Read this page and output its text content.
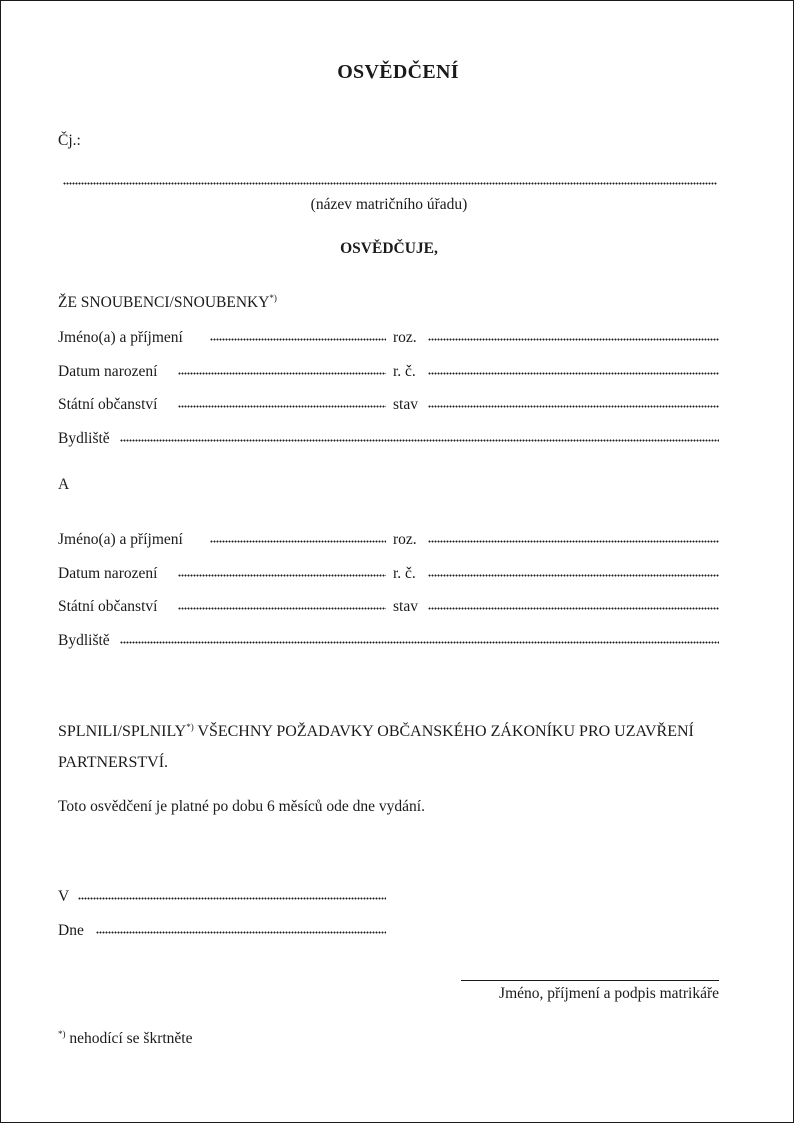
OSVĚDČENÍ
Čj.:
(název matričního úřadu)
OSVĚDČUJE,
ŽE SNOUBENCI/SNOUBENKY*)
Jméno(a) a příjmení	roz.
Datum narození	r. č.
Státní občanství	stav
Bydliště
A
Jméno(a) a příjmení	roz.
Datum narození	r. č.
Státní občanství	stav
Bydliště
SPLNILI/SPLNILY*) VŠECHNY POŽADAVKY OBČANSKÉHO ZÁKONÍKU PRO UZAVŘENÍ PARTNERSTVÍ.
Toto osvědčení je platné po dobu 6 měsíců ode dne vydání.
V
Dne
Jméno, příjmení a podpis matrikáře
*) nehodící se škrtněte
